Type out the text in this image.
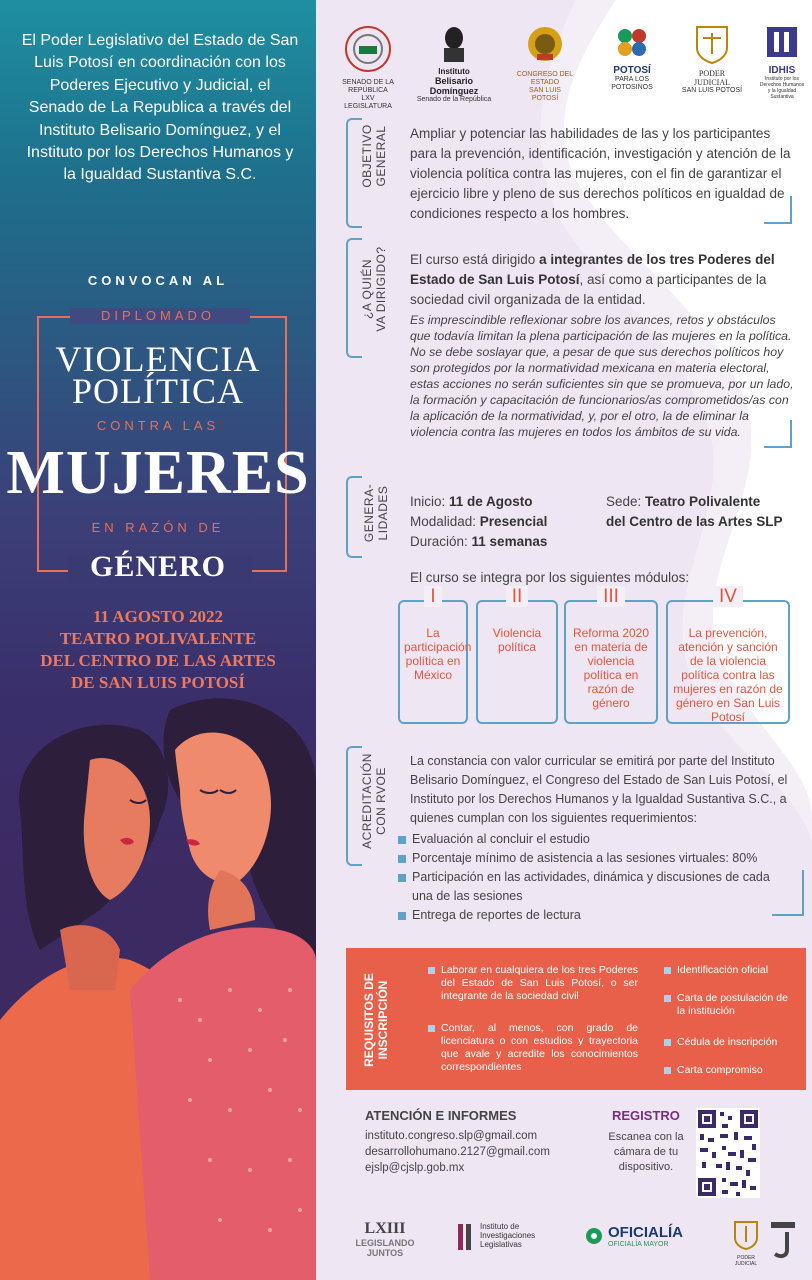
El Poder Legislativo del Estado de San Luis Potosí en coordinación con los Poderes Ejecutivo y Judicial, el Senado de La Republica a través del Instituto Belisario Domínguez, y el Instituto por los Derechos Humanos y la Igualdad Sustantiva S.C.
CONVOCAN AL
DIPLOMADO
VIOLENCIA
POLÍTICA
CONTRA LAS
MUJERES
EN RAZÓN DE
GÉNERO
11 AGOSTO 2022
TEATRO POLIVALENTE
DEL CENTRO DE LAS ARTES
DE SAN LUIS POTOSÍ
SENADO DE LA REPÚBLICA
LXV LEGISLATURA
Instituto
Belisario Domínguez
Senado de la República
CONGRESO DEL ESTADO
SAN LUIS POTOSÍ
POTOSÍ
PARA LOS POTOSINOS
PODER JUDICIAL
SAN LUIS POTOSÍ
IDHIS
Instituto por los Derechos Humanos y la Igualdad Sustantiva
OBJETIVO GENERAL Ampliar y potenciar las habilidades de las y los participantes para la prevención, identificación, investigación y atención de la violencia política contra las mujeres, con el fin de garantizar el ejercicio libre y pleno de sus derechos políticos en igualdad de condiciones respecto a los hombres.
¿A QUIÉN VA DIRIGIDO? El curso está dirigido a integrantes de los tres Poderes del Estado de San Luis Potosí, así como a participantes de la sociedad civil organizada de la entidad.
Es imprescindible reflexionar sobre los avances, retos y obstáculos que todavía limitan la plena participación de las mujeres en la política. No se debe soslayar que, a pesar de que sus derechos políticos hoy son protegidos por la normatividad mexicana en materia electoral, estas acciones no serán suficientes sin que se promueva, por un lado, la formación y capacitación de funcionarios/as comprometidos/as con la aplicación de la normatividad, y, por el otro, la de eliminar la violencia contra las mujeres en todos los ámbitos de su vida.
GENERA- LIDADES Inicio: 11 de Agosto
Modalidad: Presencial
Duración: 11 semanas
Sede: Teatro Polivalente
del Centro de las Artes SLP
El curso se integra por los siguientes módulos:
I
La participación política en México
II
Violencia política
III
Reforma 2020 en materia de violencia política en razón de género
IV
La prevención, atención y sanción de la violencia política contra las mujeres en razón de género en San Luis Potosí
ACREDITACIÓN CON RVOE
La constancia con valor curricular se emitirá por parte del Instituto Belisario Domínguez, el Congreso del Estado de San Luis Potosí, el Instituto por los Derechos Humanos y la Igualdad Sustantiva S.C., a quienes cumplan con los siguientes requerimientos:
Evaluación al concluir el estudio
Porcentaje mínimo de asistencia a las sesiones virtuales: 80%
Participación en las actividades, dinámica y discusiones de cada una de las sesiones
Entrega de reportes de lectura
REQUISITOS DE INSCRIPCIÓN
Laborar en cualquiera de los tres Poderes del Estado de San Luis Potosí, o ser integrante de la sociedad civil
Contar, al menos, con grado de licenciatura o con estudios y trayectoria que avale y acredite los conocimientos correspondientes
Identificación oficial
Carta de postulación de la institución
Cédula de inscripción
Carta compromiso
ATENCIÓN E INFORMES
instituto.congreso.slp@gmail.com
desarrollohumano.2127@gmail.com
ejslp@cjslp.gob.mx
REGISTRO
Escanea con la cámara de tu dispositivo.
LXIII
LEGISLANDO
JUNTOS
Instituto de
Investigaciones
Legislativas
OFICIALÍA
OFICIALÍA MAYOR
PODER JUDICIAL
